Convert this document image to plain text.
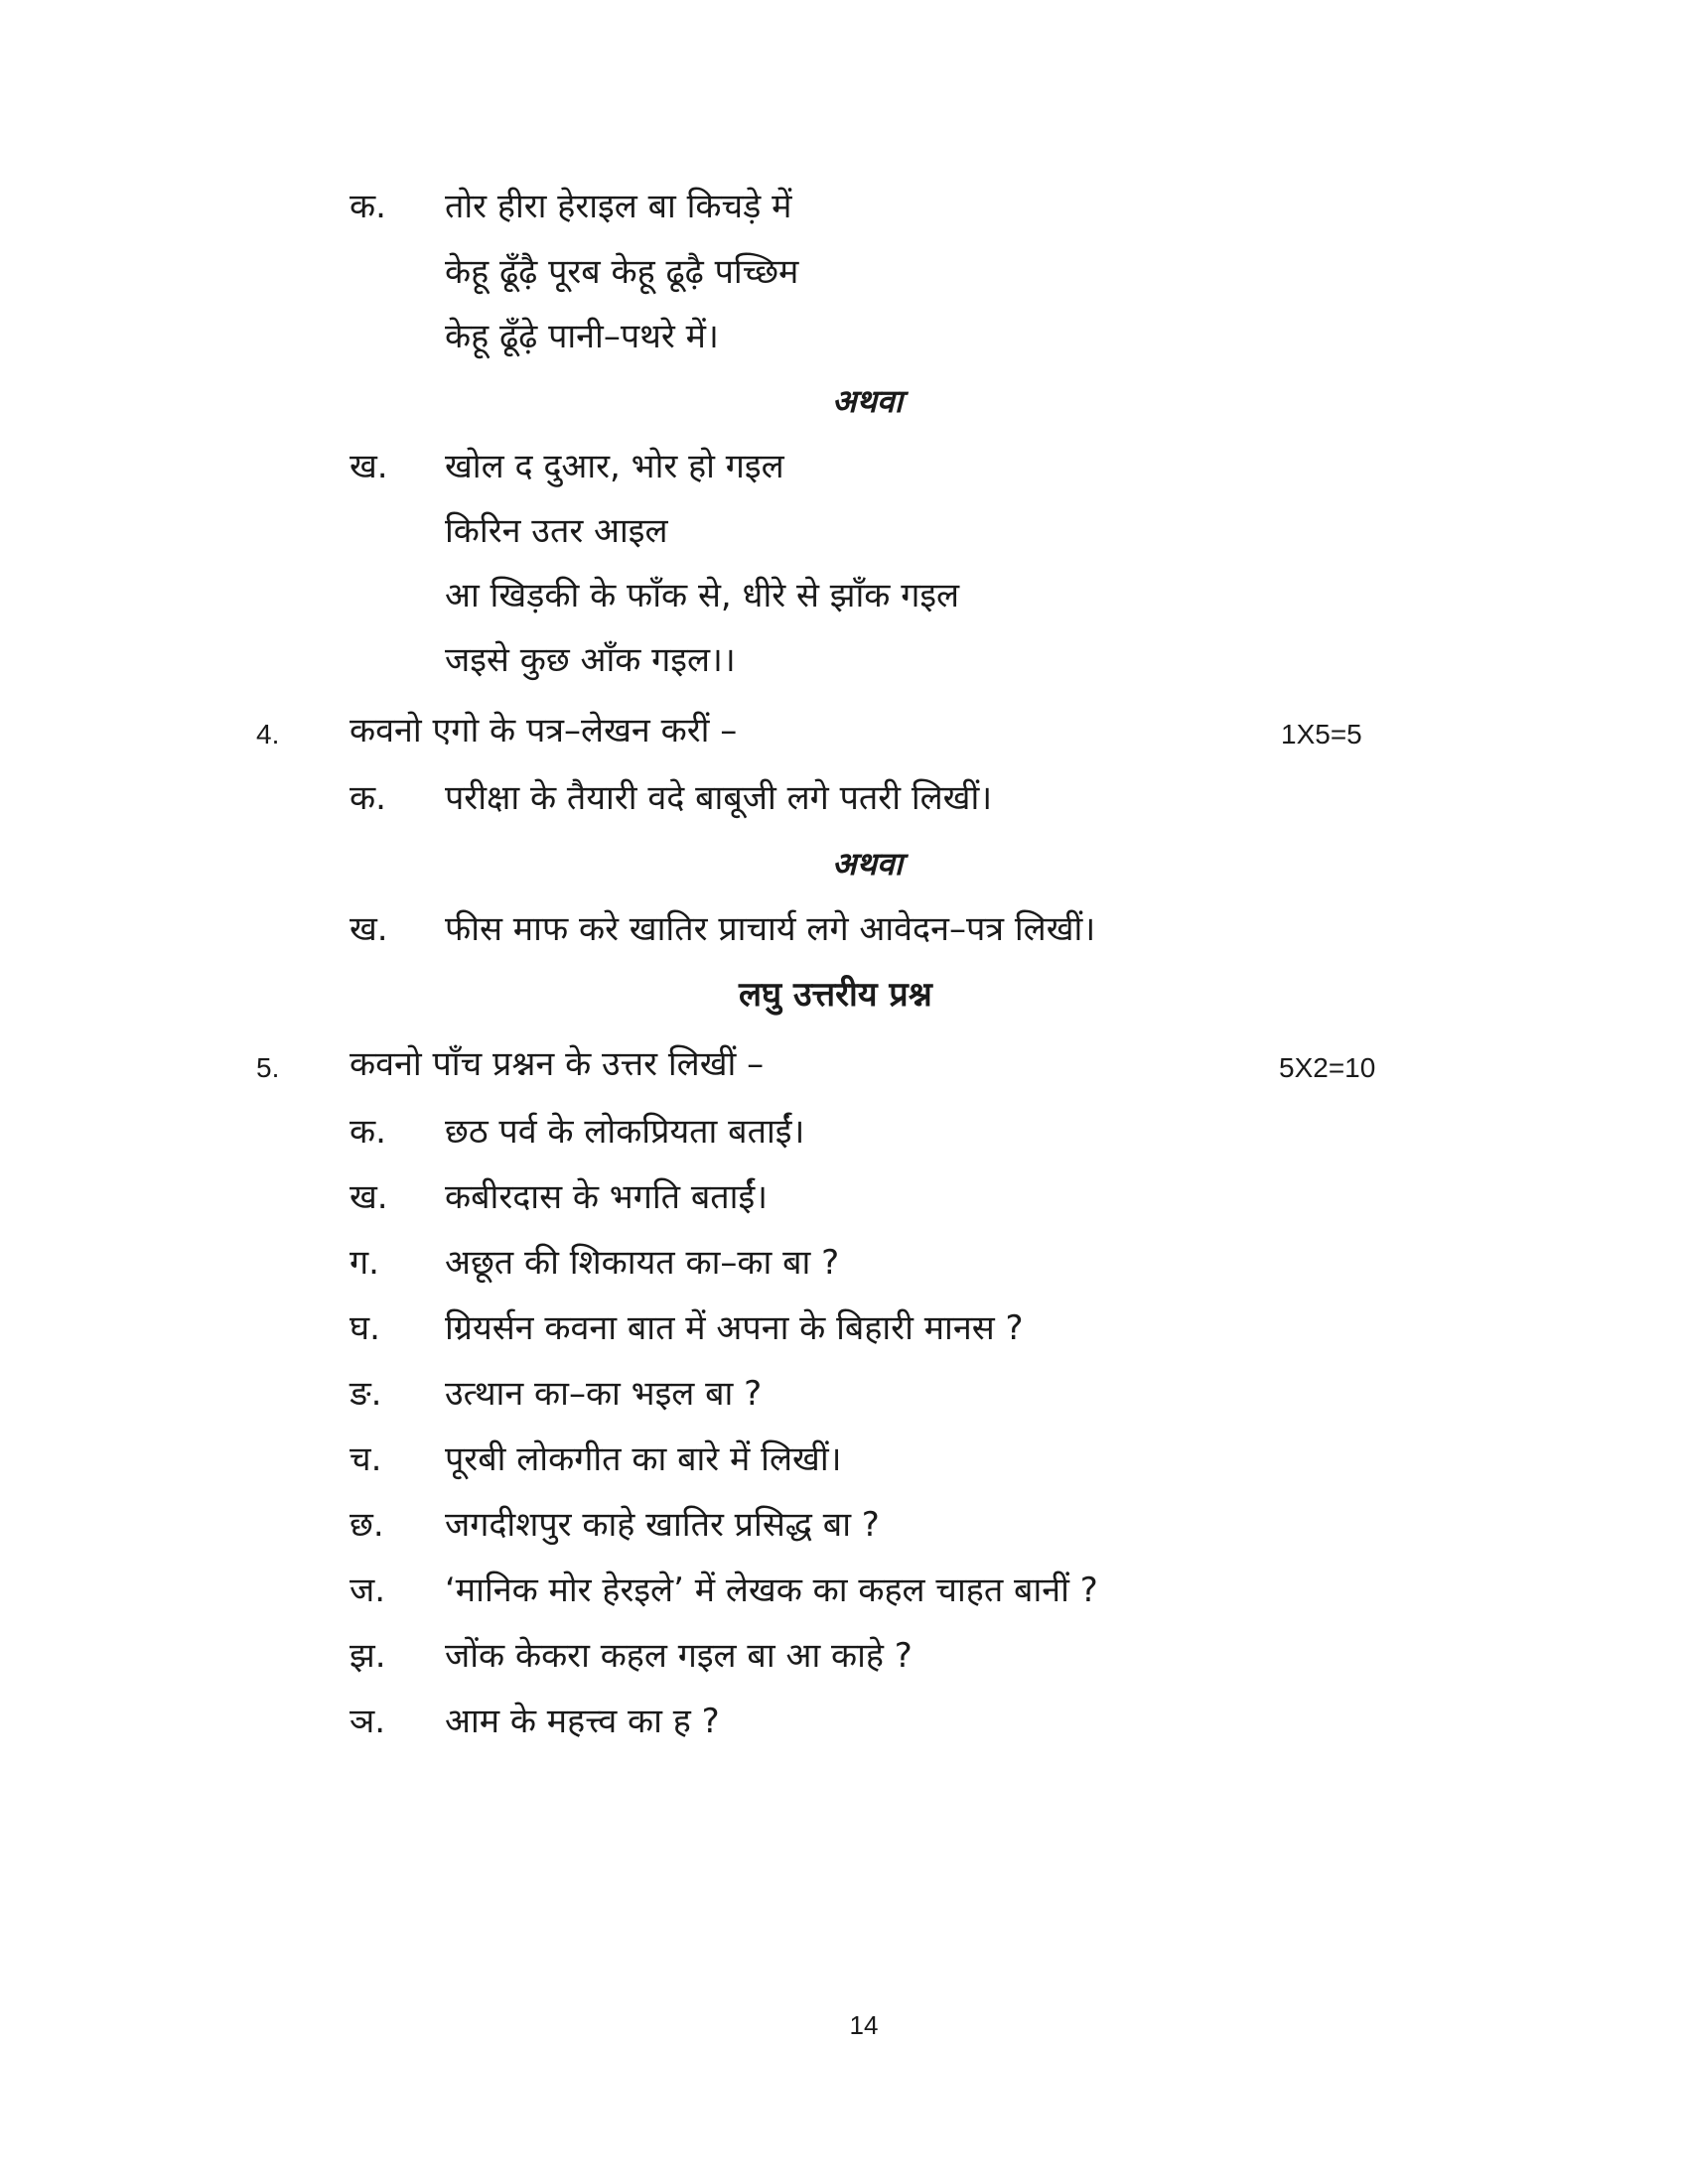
क. तोर हीरा हेराइल बा किचड़े में
केहू ढूँढ़ै पूरब केहू ढूढ़ै पच्छिम
केहू ढूँढ़े पानी–पथरे में।
अथवा
ख. खोल द दुआर, भोर हो गइल
किरिन उतर आइल
आ खिड़की के फाँक से, धीरे से झाँक गइल
जइसे कुछ आँक गइल।।
4. कवनो एगो के पत्र–लेखन करीं –	1X5=5
क. परीक्षा के तैयारी वदे बाबूजी लगे पतरी लिखीं।
अथवा
ख. फीस माफ करे खातिर प्राचार्य लगे आवेदन–पत्र लिखीं।
लघु उत्तरीय प्रश्न
5. कवनो पाँच प्रश्नन के उत्तर लिखीं –	5X2=10
क. छठ पर्व के लोकप्रियता बताईं।
ख. कबीरदास के भगति बताईं।
ग. अछूत की शिकायत का–का बा ?
घ. ग्रियर्सन कवना बात में अपना के बिहारी मानस ?
ङ. उत्थान का–का भइल बा ?
च. पूरबी लोकगीत का बारे में लिखीं।
छ. जगदीशपुर काहे खातिर प्रसिद्ध बा ?
ज. ‘मानिक मोर हेरइले’ में लेखक का कहल चाहत बानीं ?
झ. जोंक केकरा कहल गइल बा आ काहे ?
ञ. आम के महत्त्व का ह ?
14
